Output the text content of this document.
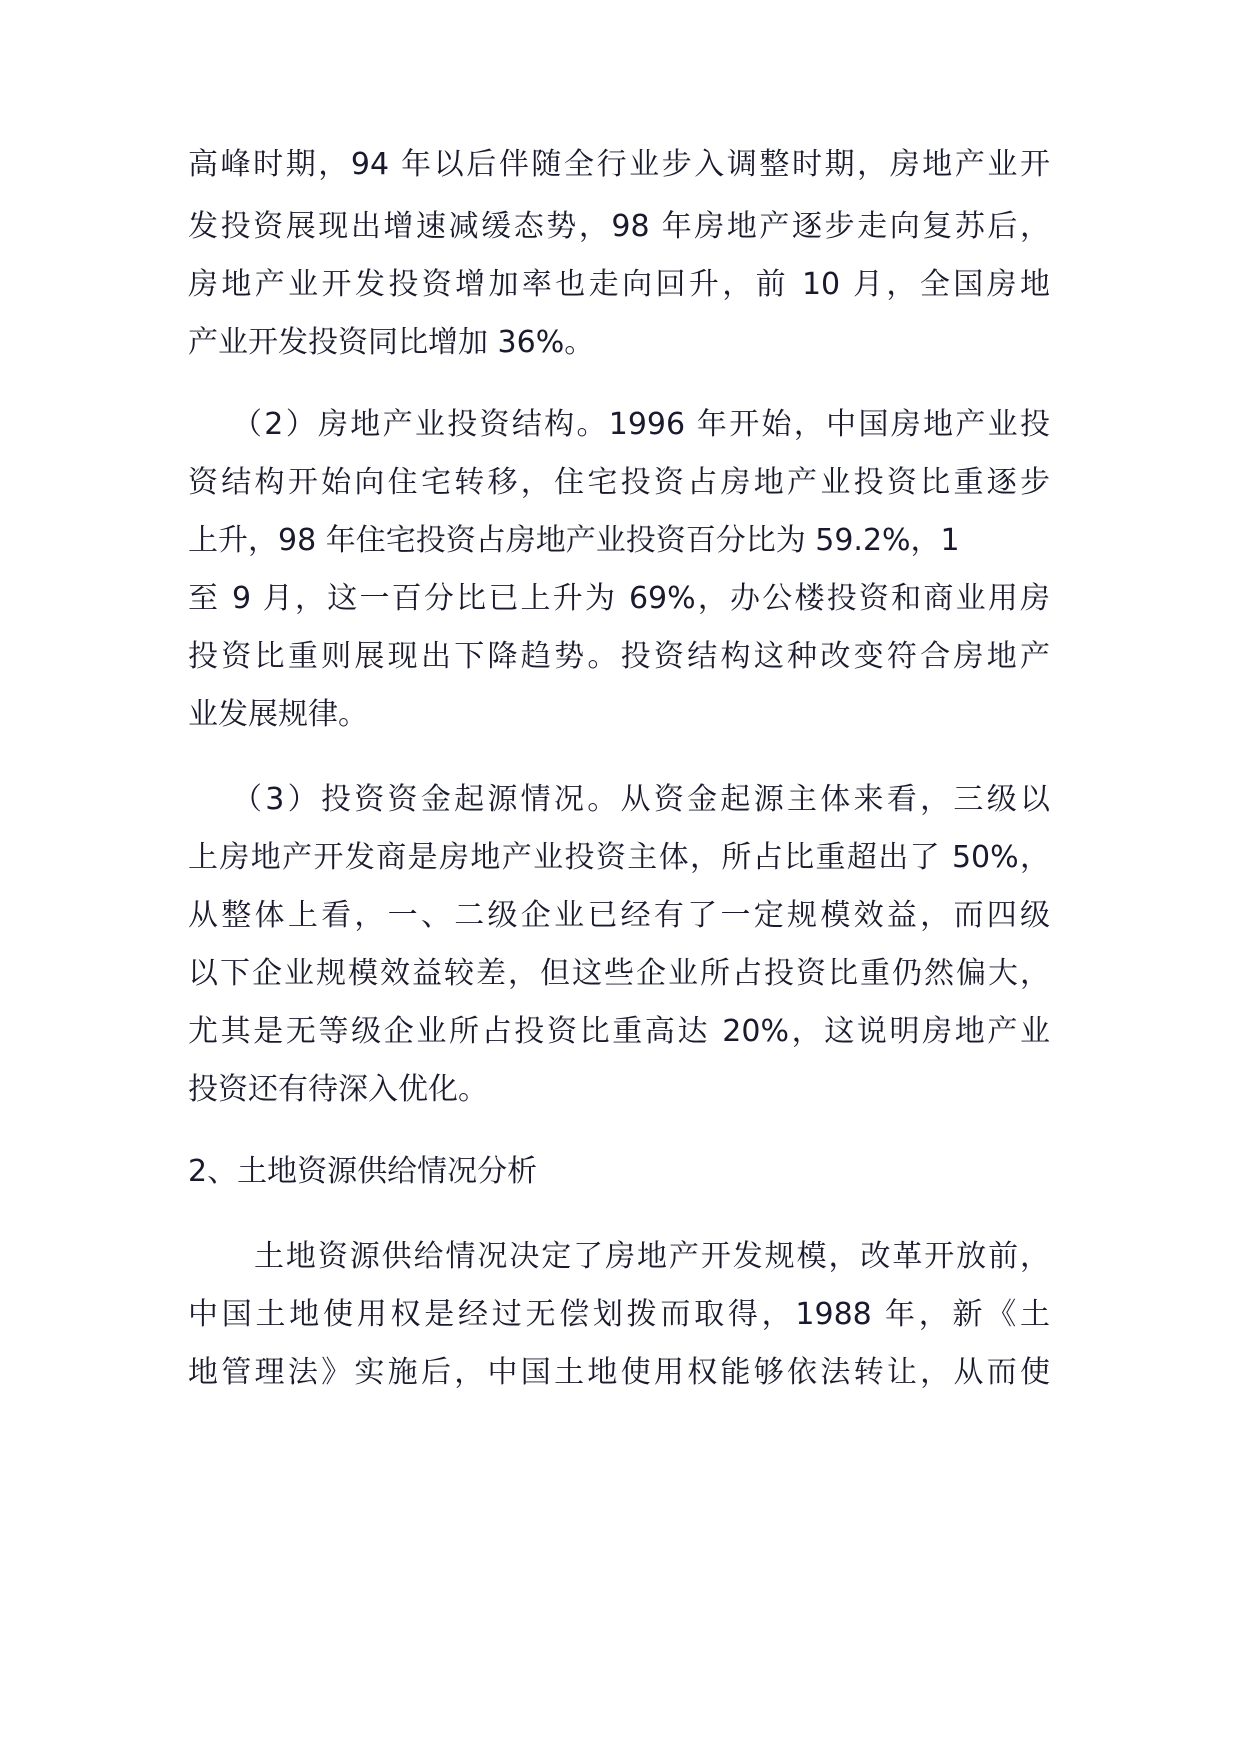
高峰时期，94 年以后伴随全行业步入调整时期，房地产业开
发投资展现出增速减缓态势，98 年房地产逐步走向复苏后，
房地产业开发投资增加率也走向回升，前 10 月，全国房地
产业开发投资同比增加 36%。
（2）房地产业投资结构。1996 年开始，中国房地产业投
资结构开始向住宅转移，住宅投资占房地产业投资比重逐步
上升，98 年住宅投资占房地产业投资百分比为 59.2%，1
至 9 月，这一百分比已上升为 69%，办公楼投资和商业用房
投资比重则展现出下降趋势。投资结构这种改变符合房地产
业发展规律。
（3）投资资金起源情况。从资金起源主体来看，三级以
上房地产开发商是房地产业投资主体，所占比重超出了 50%，
从整体上看，一、二级企业已经有了一定规模效益，而四级
以下企业规模效益较差，但这些企业所占投资比重仍然偏大，
尤其是无等级企业所占投资比重高达 20%，这说明房地产业
投资还有待深入优化。
2、土地资源供给情况分析
土地资源供给情况决定了房地产开发规模，改革开放前，
中国土地使用权是经过无偿划拨而取得，1988 年，新《土
地管理法》实施后，中国土地使用权能够依法转让，从而使
